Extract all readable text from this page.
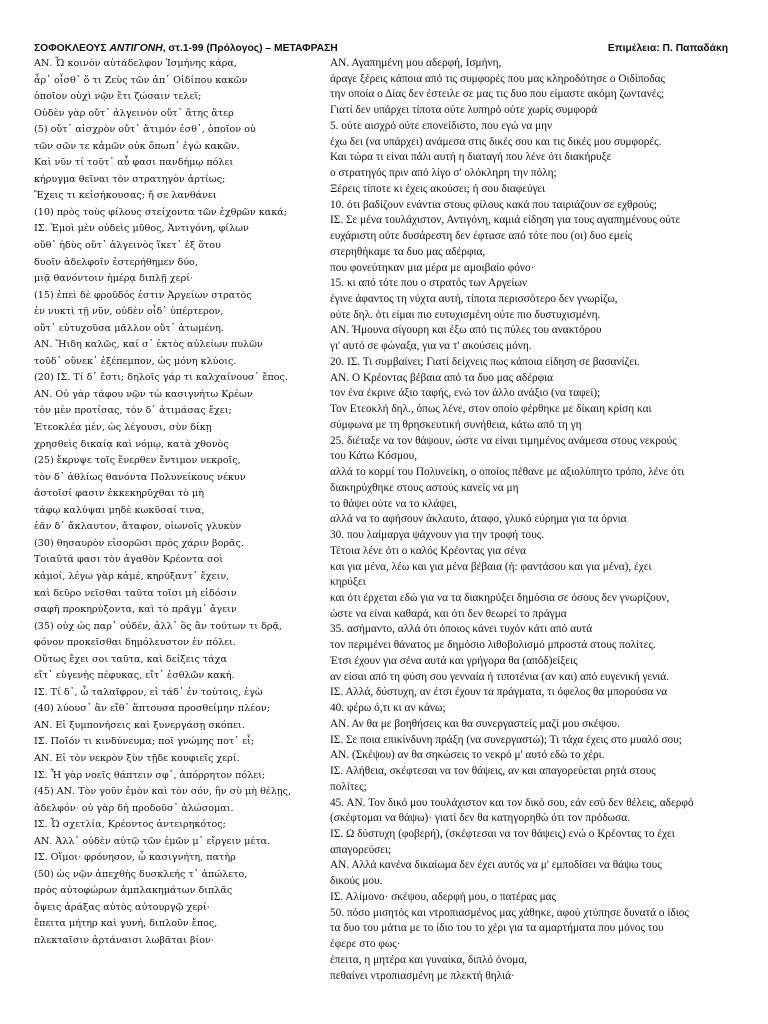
ΣΟΦΟΚΛΕΟΥΣ ΑΝΤΙΓΟΝΗ, στ.1-99 (Πρόλογος) – ΜΕΤΑΦΡΑΣΗ	Επιμέλεια: Π. Παπαδάκη
ΑΝ. Ὦ κοινὸν αὐτάδελφον Ἰσμήνης κάρα,
ἆρ᾽ οἶσθ᾽ ὅ τι Ζεὺς τῶν ἀπ᾽ Οἰδίπου κακῶν
ὁποῖον οὐχὶ νῷν ἔτι ζώσαιν τελεῖ;
Οὐδὲν γὰρ οὔτ᾽ ἀλγεινὸν οὔτ᾽ ἄτης ἄτερ
(5) οὔτ᾽ αἰσχρὸν οὔτ᾽ ἄτιμόν ἐσθ᾽, ὁποῖον οὐ
τῶν σῶν τε κἀμῶν οὐκ ὄπωπ᾽ ἐγὼ κακῶν.
Καὶ νῦν τί τοῦτ᾽ αὖ φασι πανδήμῳ πόλει
κήρυγμα θεῖναι τὸν στρατηγὸν ἀρτίως;
Ἔχεις τι κεἰσήκουσας; ἤ σε λανθάνει
(10) πρὸς τοὺς φίλους στείχοντα τῶν ἐχθρῶν κακά;
ΙΣ. Ἐμοὶ μὲν οὐδεὶς μῦθος, Ἀντιγόνη, φίλων
οὔθ᾽ ἡδὺς οὔτ᾽ ἀλγεινὸς ἵκετ᾽ ἐξ ὅτου
δυοῖν ἀδελφοῖν ἐστερήθημεν δύο,
μιᾷ θανόντοιν ἡμέρᾳ διπλῇ χερί·
(15) ἐπεὶ δὲ φροῦδός ἐστιν Ἀργείων στρατὸς
ἐν νυκτὶ τῇ νῦν, οὐδὲν οἶδ᾽ ὑπέρτερον,
οὔτ᾽ εὐτυχοῦσα μᾶλλον οὔτ᾽ ἀτωμένη.
ΑΝ. Ἤιδη καλῶς, καί σ᾽ ἐκτὸς αὐλείων πυλῶν
τοῦδ᾽ οὕνεκ᾽ ἐξέπεμπον, ὡς μόνη κλύοις.
(20) ΙΣ. Τί δ᾽ ἔστι; δηλοῖς γάρ τι καλχαίνουσ᾽ ἔπος.
ΑΝ. Οὐ γὰρ τάφου νῷν τὼ κασιγνήτω Κρέων
τὸν μὲν προτίσας, τὸν δ᾽ ἀτιμάσας ἔχει;
Ἐτεοκλέα μέν, ὡς λέγουσι, σὺν δίκῃ
χρησθεὶς δικαίᾳ καὶ νόμῳ, κατὰ χθονὸς
(25) ἔκρυψε τοῖς ἔνερθεν ἔντιμον νεκροῖς,
τὸν δ᾽ ἀθλίως θανόντα Πολυνείκους νέκυν
ἀστοῖσί φασιν ἐκκεκηρῦχθαι τὸ μὴ
τάφῳ καλύψαι μηδὲ κωκῦσαί τινα,
ἐᾶν δ᾽ ἄκλαυτον, ἄταφον, οἰωνοῖς γλυκὺν
(30) θησαυρὸν εἰσορῶσι πρὸς χάριν βορᾶς.
Τοιαῦτά φασι τὸν ἀγαθὸν Κρέοντα σοὶ
κἀμοί, λέγω γὰρ κἀμέ, κηρύξαντ᾽ ἔχειν,
καὶ δεῦρο νεῖσθαι ταῦτα τοῖσι μὴ εἰδόσιν
σαφῆ προκηρύξοντα, καὶ τὸ πρᾶγμ᾽ ἄγειν
(35) οὐχ ὡς παρ᾽ οὐδέν, ἀλλ᾽ ὃς ἂν τούτων τι δρᾷ,
φόνον προκεῖσθαι δημόλευστον ἐν πόλει.
Οὕτως ἔχει σοι ταῦτα, καὶ δείξεις τάχα
εἴτ᾽ εὐγενὴς πέφυκας, εἴτ᾽ ἐσθλῶν κακή.
ΙΣ. Τί δ᾽, ὦ ταλαῖφρον, εἰ τάδ᾽ ἐν τούτοις, ἐγὼ
(40) λύουσ᾽ ἂν εἴθ᾽ ἅπτουσα προσθείμην πλέον;
ΑΝ. Εἰ ξυμπονήσεις καὶ ξυνεργάσῃ σκόπει.
ΙΣ. Ποῖόν τι κινδύνευμα; ποῖ γνώμης ποτ᾽ εἶ;
ΑΝ. Εἰ τὸν νεκρὸν ξὺν τῇδε κουφιεῖς χερί.
ΙΣ. Ἦ γὰρ νοεῖς θάπτειν σφ᾽, ἀπόρρητον πόλει;
(45) ΑΝ. Τὸν γοῦν ἐμὸν καὶ τὸν σόν, ἢν σὺ μὴ θέλῃς,
ἀδελφόν· οὐ γὰρ δὴ προδοῦσ᾽ ἁλώσομαι.
ΙΣ. Ὦ σχετλία, Κρέοντος ἀντειρηκότος;
ΑΝ. Ἀλλ᾽ οὐδὲν αὐτῷ τῶν ἐμῶν μ᾽ εἴργειν μέτα.
ΙΣ. Οἴμοι· φρόνησον, ὦ κασιγνήτη, πατὴρ
(50) ὡς νῷν ἀπεχθὴς δυσκλεής τ᾽ ἀπώλετο,
πρὸς αὐτοφώρων ἀμπλακημάτων διπλᾶς
ὄψεις ἀράξας αὐτὸς αὐτουργῷ χερί·
ἔπειτα μήτηρ καὶ γυνή, διπλοῦν ἔπος,
πλεκταῖσιν ἀρτάναισι λωβᾶται βίον·
ΑΝ. Αγαπημένη μου αδερφή, Ισμήνη,
άραγε ξέρεις κάποια από τις συμφορές που μας κληροδότησε ο Οιδίποδας
την οποία ο Δίας δεν έστειλε σε μας τις δυο που είμαστε ακόμη ζωντανές;
Γιατί δεν υπάρχει τίποτα ούτε λυπηρό ούτε χωρίς συμφορά
5. ούτε αισχρό ούτε επονείδιστο, που εγώ να μην
έχω δει (να υπάρχει) ανάμεσα στις δικές σου και τις δικές μου συμφορές.
Και τώρα τι είναι πάλι αυτή η διαταγή που λένε ότι διακήρυξε
ο στρατηγός πριν από λίγο σ' ολόκληρη την πόλη;
Ξέρεις τίποτε κι έχεις ακούσει; ή σου διαφεύγει
10. ότι βαδίζουν ενάντια στους φίλους κακά που ταιριάζουν σε εχθρούς;
ΙΣ. Σε μένα τουλάχιστον, Αντιγόνη, καμιά είδηση για τους αγαπημένους ούτε
ευχάριστη ούτε δυσάρεστη δεν έφτασε από τότε που (οι) δυο εμείς
στερηθήκαμε τα δυο μας αδέρφια,
που φονεύτηκαν μια μέρα με αμοιβαίο φόνο·
15. κι από τότε που ο στρατός των Αργείων
έγινε άφαντος τη νύχτα αυτή, τίποτα περισσότερο δεν γνωρίζω,
ούτε δηλ. ότι είμαι πιο ευτυχισμένη ούτε πιο δυστυχισμένη.
ΑΝ. Ήμουνα σίγουρη και έξω από τις πύλες του ανακτόρου
γι' αυτό σε φώναξα, για να τ' ακούσεις μόνη.
20. ΙΣ. Τι συμβαίνει; Γιατί δείχνεις πως κάποια είδηση σε βασανίζει.
ΑΝ. Ο Κρέοντας βέβαια από τα δυο μας αδέρφια
τον ένα έκρινε άξιο ταφής, ενώ τον άλλο ανάξιο (να ταφεί);
Τον Ετεοκλή δηλ., όπως λένε, στον οποίο φέρθηκε με δίκαιη κρίση και
σύμφωνα με τη θρησκευτική συνήθεια, κάτω από τη γη
25. διέταξε να τον θάψουν, ώστε να είναι τιμημένος ανάμεσα στους νεκρούς
του Κάτω Κόσμου,
αλλά το κορμί του Πολυνείκη, ο οποίος πέθανε με αξιολύπητο τρόπο, λένε ότι
διακηρύχθηκε στους αστούς κανείς να μη
το θάψει ούτε να το κλάψει,
αλλά να το αφήσουν άκλαυτο, άταφο, γλυκό εύρημα για τα όρνια
30. που λαίμαργα ψάχνουν για την τροφή τους.
Τέτοια λένε ότι ο καλός Κρέοντας για σένα
και για μένα, λέω και για μένα βέβαια (ή: φαντάσου και για μένα), έχει
κηρύξει
και ότι έρχεται εδώ για να τα διακηρύξει δημόσια σε όσους δεν γνωρίζουν,
ώστε να είναι καθαρά, και ότι δεν θεωρεί το πράγμα
35. ασήμαντο, αλλά ότι όποιος κάνει τυχόν κάτι από αυτά
τον περιμένει θάνατος με δημόσιο λιθοβολισμό μπροστά στους πολίτες.
Έτσι έχουν για σένα αυτά και γρήγορα θα (απόδ)είξεις
αν είσαι από τη φύση σου γενναία ή τιποτένια (αν και) από ευγενική γενιά.
ΙΣ. Αλλά, δύστυχη, αν έτσι έχουν τα πράγματα, τι όφελος θα μπορούσα να
40. φέρω ό,τι κι αν κάνω;
ΑΝ. Αν θα με βοηθήσεις και θα συνεργαστείς μαζί μου σκέψου.
ΙΣ. Σε ποια επικίνδυνη πράξη (να συνεργαστώ); Τι τάχα έχεις στο μυαλό σου;
ΑΝ. (Σκέψου) αν θα σηκώσεις το νεκρό μ' αυτό εδώ το χέρι.
ΙΣ. Αλήθεια, σκέφτεσαι να τον θάψεις, αν και απαγορεύεται ρητά στους
πολίτες;
45. ΑΝ. Τον δικό μου τουλάχιστον και τον δικό σου, εάν εσύ δεν θέλεις, αδερφό
(σκέφτομαι να θάψω)· γιατί δεν θα κατηγορηθώ ότι τον πρόδωσα.
ΙΣ. Ω δύστυχη (φοβερή), (σκέφτεσαι να τον θάψεις) ενώ ο Κρέοντας το έχει
απαγορεύσει;
ΑΝ. Αλλά κανένα δικαίωμα δεν έχει αυτός να μ' εμποδίσει να θάψω τους
δικούς μου.
ΙΣ. Αλίμονο· σκέψου, αδερφή μου, ο πατέρας μας
50. πόσο μισητός και ντροπιασμένος μας χάθηκε, αφού χτύπησε δυνατά ο ίδιος
τα δυο του μάτια με το ίδιο του το χέρι για τα αμαρτήματα που μόνος του
έφερε στο φως·
έπειτα, η μητέρα και γυναίκα, διπλό όνομα,
πεθαίνει ντροπιασμένη με πλεκτή θηλιά·
